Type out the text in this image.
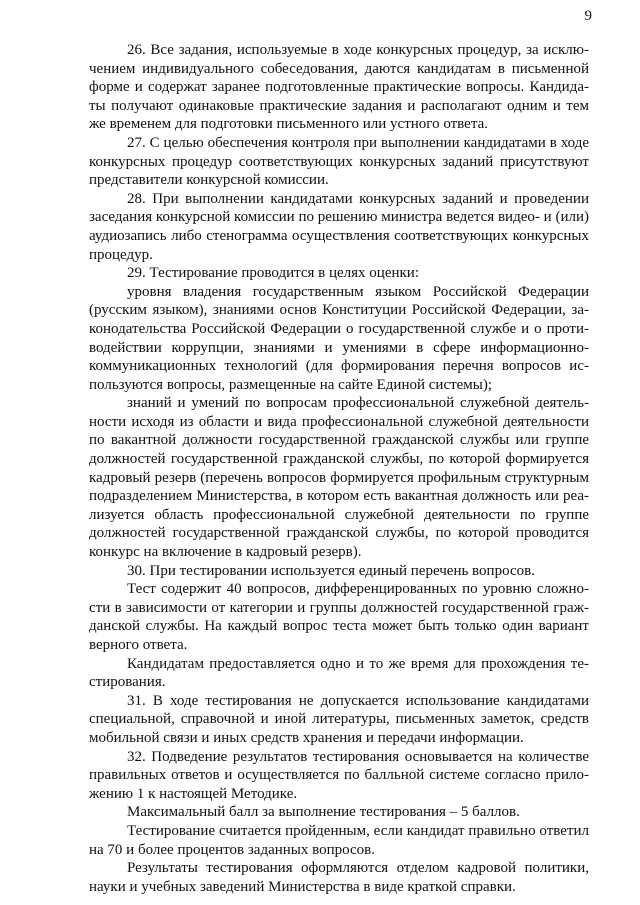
9

26. Все задания, используемые в ходе конкурсных процедур, за исключением индивидуального собеседования, даются кандидатам в письменной форме и содержат заранее подготовленные практические вопросы. Кандидаты получают одинаковые практические задания и располагают одним и тем же временем для подготовки письменного или устного ответа.

27. С целью обеспечения контроля при выполнении кандидатами в ходе конкурсных процедур соответствующих конкурсных заданий присутствуют представители конкурсной комиссии.

28. При выполнении кандидатами конкурсных заданий и проведении заседания конкурсной комиссии по решению министра ведется видео- и (или) аудиозапись либо стенограмма осуществления соответствующих конкурсных процедур.

29. Тестирование проводится в целях оценки:

уровня владения государственным языком Российской Федерации (русским языком), знаниями основ Конституции Российской Федерации, законодательства Российской Федерации о государственной службе и о противодействии коррупции, знаниями и умениями в сфере информационно-коммуникационных технологий (для формирования перечня вопросов используются вопросы, размещенные на сайте Единой системы);

знаний и умений по вопросам профессиональной служебной деятельности исходя из области и вида профессиональной служебной деятельности по вакантной должности государственной гражданской службы или группе должностей государственной гражданской службы, по которой формируется кадровый резерв (перечень вопросов формируется профильным структурным подразделением Министерства, в котором есть вакантная должность или реализуется область профессиональной служебной деятельности по группе должностей государственной гражданской службы, по которой проводится конкурс на включение в кадровый резерв).

30. При тестировании используется единый перечень вопросов.

Тест содержит 40 вопросов, дифференцированных по уровню сложности в зависимости от категории и группы должностей государственной гражданской службы. На каждый вопрос теста может быть только один вариант верного ответа.

Кандидатам предоставляется одно и то же время для прохождения тестирования.

31. В ходе тестирования не допускается использование кандидатами специальной, справочной и иной литературы, письменных заметок, средств мобильной связи и иных средств хранения и передачи информации.

32. Подведение результатов тестирования основывается на количестве правильных ответов и осуществляется по балльной системе согласно приложению 1 к настоящей Методике.

Максимальный балл за выполнение тестирования – 5 баллов.

Тестирование считается пройденным, если кандидат правильно ответил на 70 и более процентов заданных вопросов.

Результаты тестирования оформляются отделом кадровой политики, науки и учебных заведений Министерства в виде краткой справки.
